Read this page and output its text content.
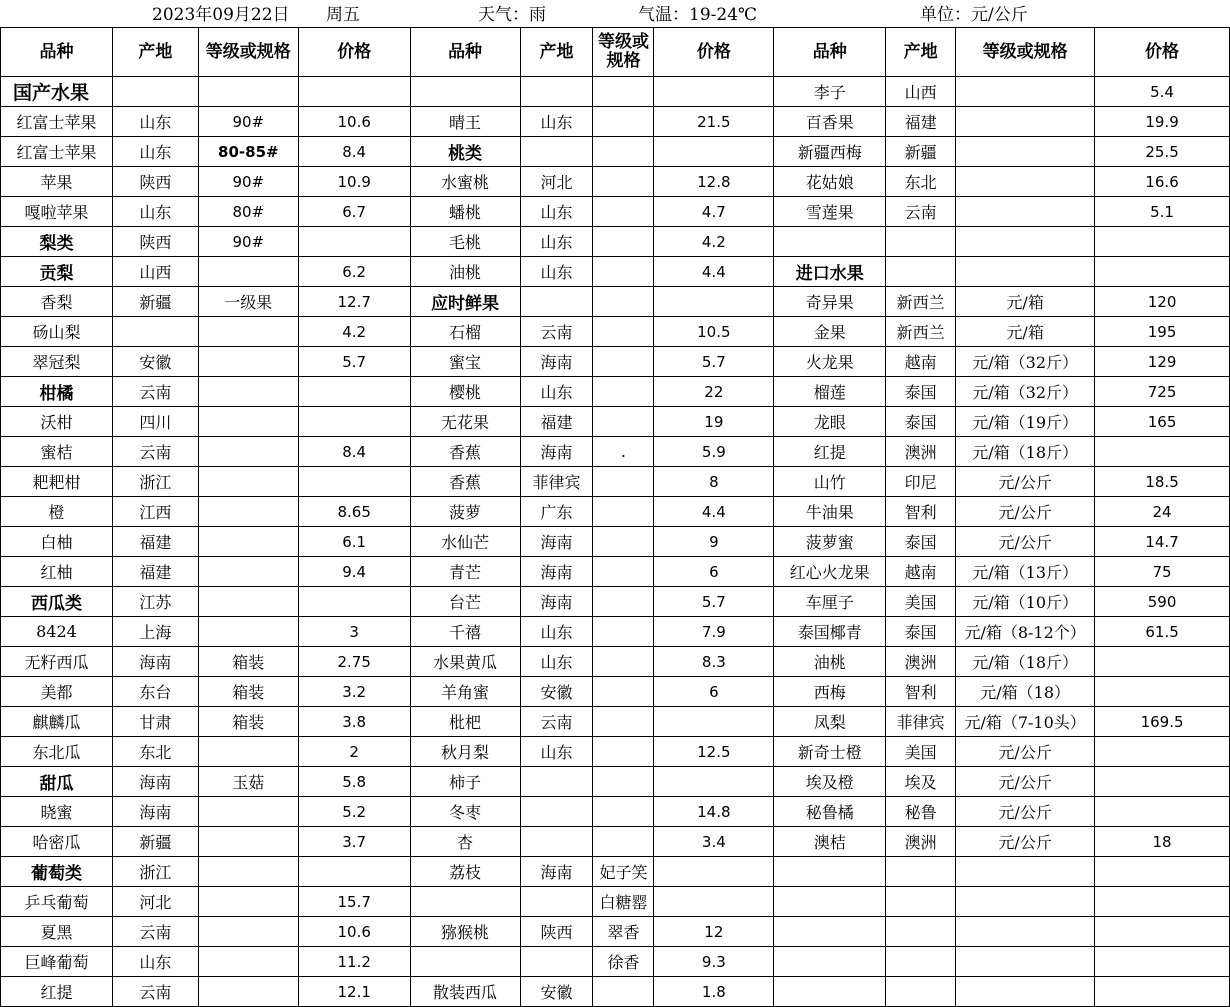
2023年09月22日 周五	天气：雨	气温：19-24℃	单位：元/公斤
品种	产地	等级或规格	价格	品种	产地	等级或规格	价格	品种	产地	等级或规格	价格
国产水果								李子	山西		5.4
红富士苹果	山东	90#	10.6	晴王	山东		21.5	百香果	福建		19.9
红富士苹果	山东	80-85#	8.4	桃类				新疆西梅	新疆		25.5
苹果	陕西	90#	10.9	水蜜桃	河北		12.8	花姑娘	东北		16.6
嘎啦苹果	山东	80#	6.7	蟠桃	山东		4.7	雪莲果	云南		5.1
梨类	陕西	90#		毛桃	山东		4.2				
贡梨	山西		6.2	油桃	山东		4.4	进口水果			
香梨	新疆	一级果	12.7	应时鲜果				奇异果	新西兰	元/箱	120
砀山梨			4.2	石榴	云南		10.5	金果	新西兰	元/箱	195
翠冠梨	安徽		5.7	蜜宝	海南		5.7	火龙果	越南	元/箱（32斤）	129
柑橘	云南			樱桃	山东		22	榴莲	泰国	元/箱（32斤）	725
沃柑	四川			无花果	福建		19	龙眼	泰国	元/箱（19斤）	165
蜜桔	云南		8.4	香蕉	海南	.	5.9	红提	澳洲	元/箱（18斤）	
耙耙柑	浙江			香蕉	菲律宾		8	山竹	印尼	元/公斤	18.5
橙	江西		8.65	菠萝	广东		4.4	牛油果	智利	元/公斤	24
白柚	福建		6.1	水仙芒	海南		9	菠萝蜜	泰国	元/公斤	14.7
红柚	福建		9.4	青芒	海南		6	红心火龙果	越南	元/箱（13斤）	75
西瓜类	江苏			台芒	海南		5.7	车厘子	美国	元/箱（10斤）	590
8424	上海		3	千禧	山东		7.9	泰国椰青	泰国	元/箱（8-12个）	61.5
无籽西瓜	海南	箱装	2.75	水果黄瓜	山东		8.3	油桃	澳洲	元/箱（18斤）	
美都	东台	箱装	3.2	羊角蜜	安徽		6	西梅	智利	元/箱（18）	
麒麟瓜	甘肃	箱装	3.8	枇杷	云南			凤梨	菲律宾	元/箱（7-10头）	169.5
东北瓜	东北		2	秋月梨	山东		12.5	新奇士橙	美国	元/公斤	
甜瓜	海南	玉菇	5.8	柿子				埃及橙	埃及	元/公斤	
晓蜜	海南		5.2	冬枣			14.8	秘鲁橘	秘鲁	元/公斤	
哈密瓜	新疆		3.7	杏			3.4	澳桔	澳洲	元/公斤	18
葡萄类	浙江			荔枝	海南	妃子笑					
乒乓葡萄	河北		15.7			白糖罂					
夏黑	云南		10.6	猕猴桃	陕西	翠香	12				
巨峰葡萄	山东		11.2			徐香	9.3				
红提	云南		12.1	散装西瓜	安徽		1.8				
